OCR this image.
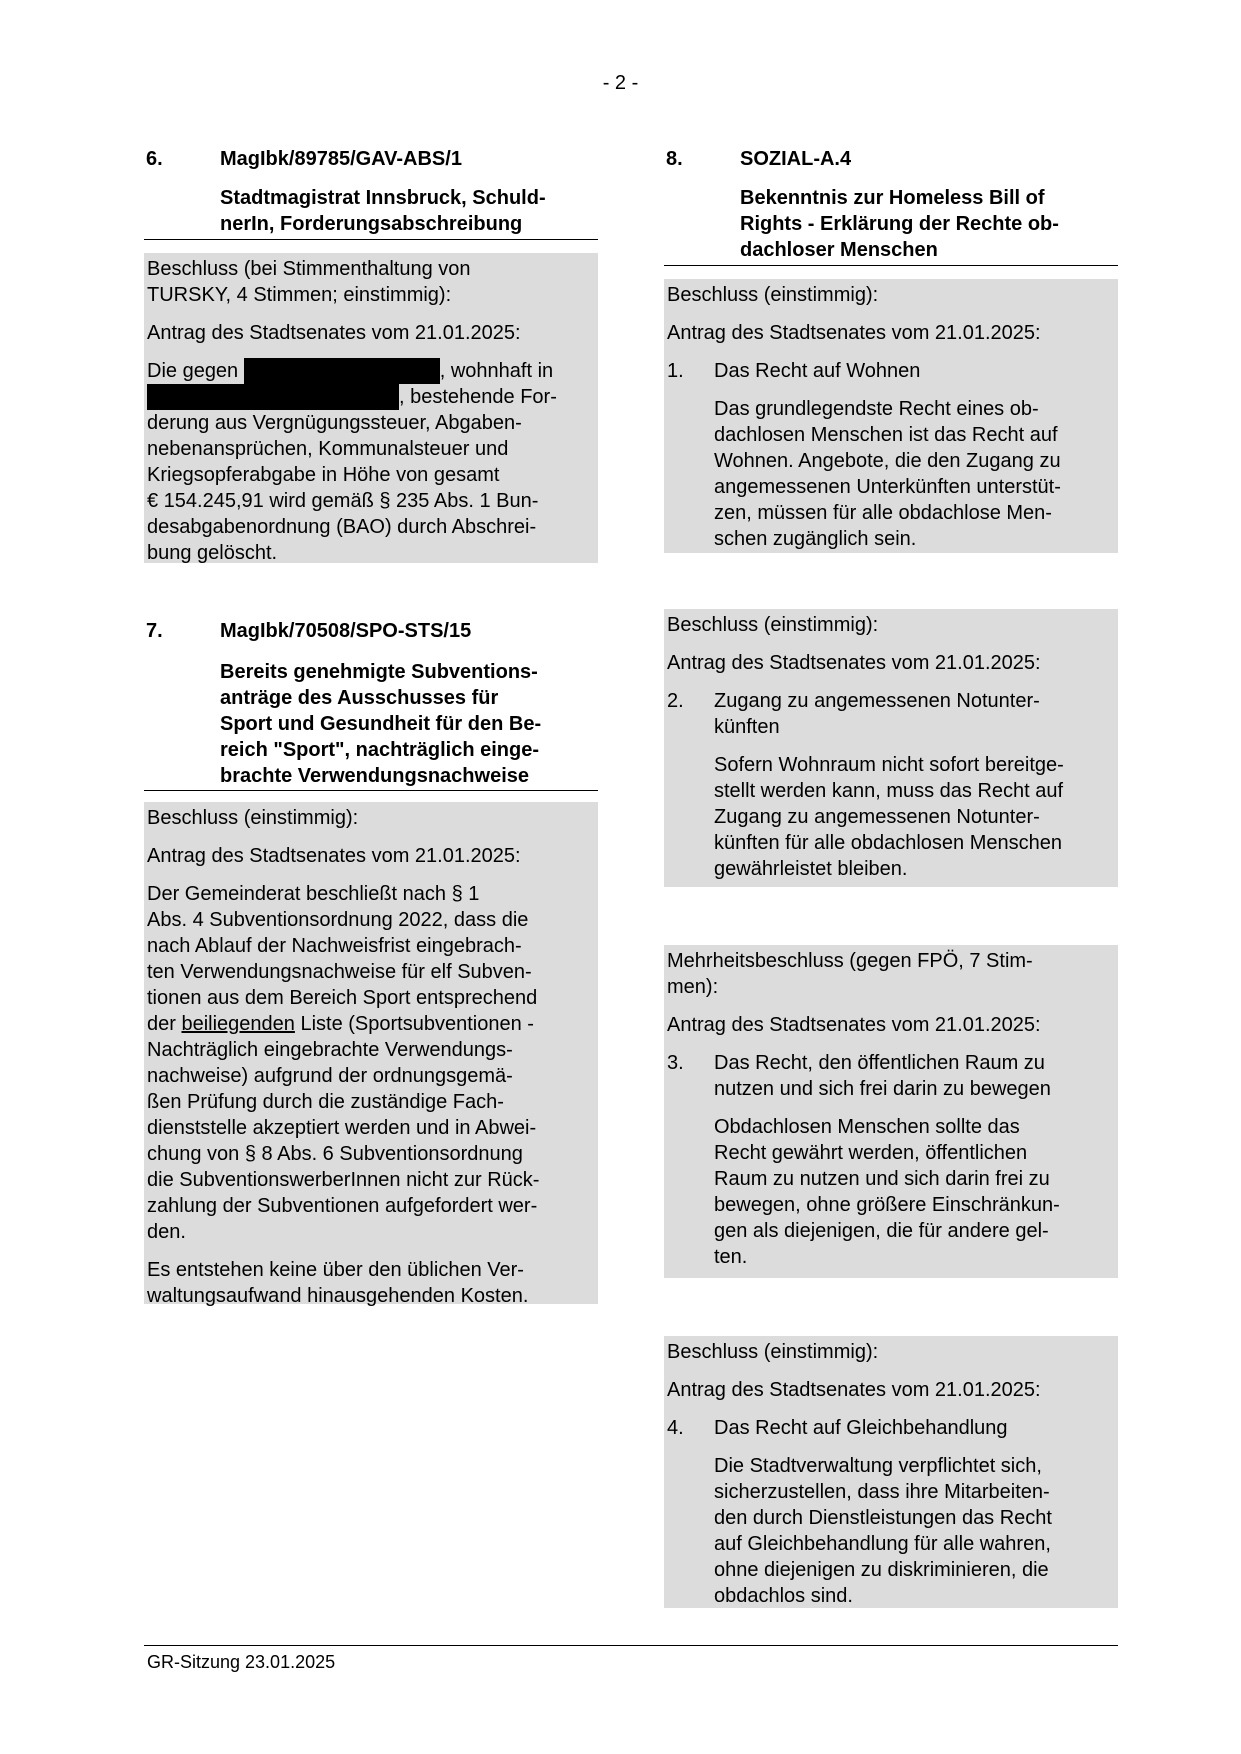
- 2 -
6.	MagIbk/89785/GAV-ABS/1
Stadtmagistrat Innsbruck, Schuld-
nerIn, Forderungsabschreibung

Beschluss (bei Stimmenthaltung von
TURSKY, 4 Stimmen; einstimmig):

Antrag des Stadtsenates vom 21.01.2025:

Die gegen	, wohnhaft in
, bestehende For-
derung aus Vergnügungssteuer, Abgaben-
nebenansprüchen, Kommunalsteuer und
Kriegsopferabgabe in Höhe von gesamt
€ 154.245,91 wird gemäß § 235 Abs. 1 Bun-
desabgabenordnung (BAO) durch Abschrei-
bung gelöscht.

7.	MagIbk/70508/SPO-STS/15
Bereits genehmigte Subventions-
anträge des Ausschusses für
Sport und Gesundheit für den Be-
reich "Sport", nachträglich einge-
brachte Verwendungsnachweise

Beschluss (einstimmig):

Antrag des Stadtsenates vom 21.01.2025:

Der Gemeinderat beschließt nach § 1
Abs. 4 Subventionsordnung 2022, dass die
nach Ablauf der Nachweisfrist eingebrach-
ten Verwendungsnachweise für elf Subven-
tionen aus dem Bereich Sport entsprechend
der beiliegenden Liste (Sportsubventionen -
Nachträglich eingebrachte Verwendungs-
nachweise) aufgrund der ordnungsgemä-
ßen Prüfung durch die zuständige Fach-
dienststelle akzeptiert werden und in Abwei-
chung von § 8 Abs. 6 Subventionsordnung
die SubventionswerberInnen nicht zur Rück-
zahlung der Subventionen aufgefordert wer-
den.

Es entstehen keine über den üblichen Ver-
waltungsaufwand hinausgehenden Kosten.

8.	SOZIAL-A.4
Bekenntnis zur Homeless Bill of
Rights - Erklärung der Rechte ob-
dachloser Menschen

Beschluss (einstimmig):

Antrag des Stadtsenates vom 21.01.2025:

1. Das Recht auf Wohnen

Das grundlegendste Recht eines ob-
dachlosen Menschen ist das Recht auf
Wohnen. Angebote, die den Zugang zu
angemessenen Unterkünften unterstüt-
zen, müssen für alle obdachlose Men-
schen zugänglich sein.

Beschluss (einstimmig):

Antrag des Stadtsenates vom 21.01.2025:

2. Zugang zu angemessenen Notunter-
künften

Sofern Wohnraum nicht sofort bereitge-
stellt werden kann, muss das Recht auf
Zugang zu angemessenen Notunter-
künften für alle obdachlosen Menschen
gewährleistet bleiben.

Mehrheitsbeschluss (gegen FPÖ, 7 Stim-
men):

Antrag des Stadtsenates vom 21.01.2025:

3. Das Recht, den öffentlichen Raum zu
nutzen und sich frei darin zu bewegen

Obdachlosen Menschen sollte das
Recht gewährt werden, öffentlichen
Raum zu nutzen und sich darin frei zu
bewegen, ohne größere Einschränkun-
gen als diejenigen, die für andere gel-
ten.

Beschluss (einstimmig):

Antrag des Stadtsenates vom 21.01.2025:

4. Das Recht auf Gleichbehandlung

Die Stadtverwaltung verpflichtet sich,
sicherzustellen, dass ihre Mitarbeiten-
den durch Dienstleistungen das Recht
auf Gleichbehandlung für alle wahren,
ohne diejenigen zu diskriminieren, die
obdachlos sind.

GR-Sitzung 23.01.2025
